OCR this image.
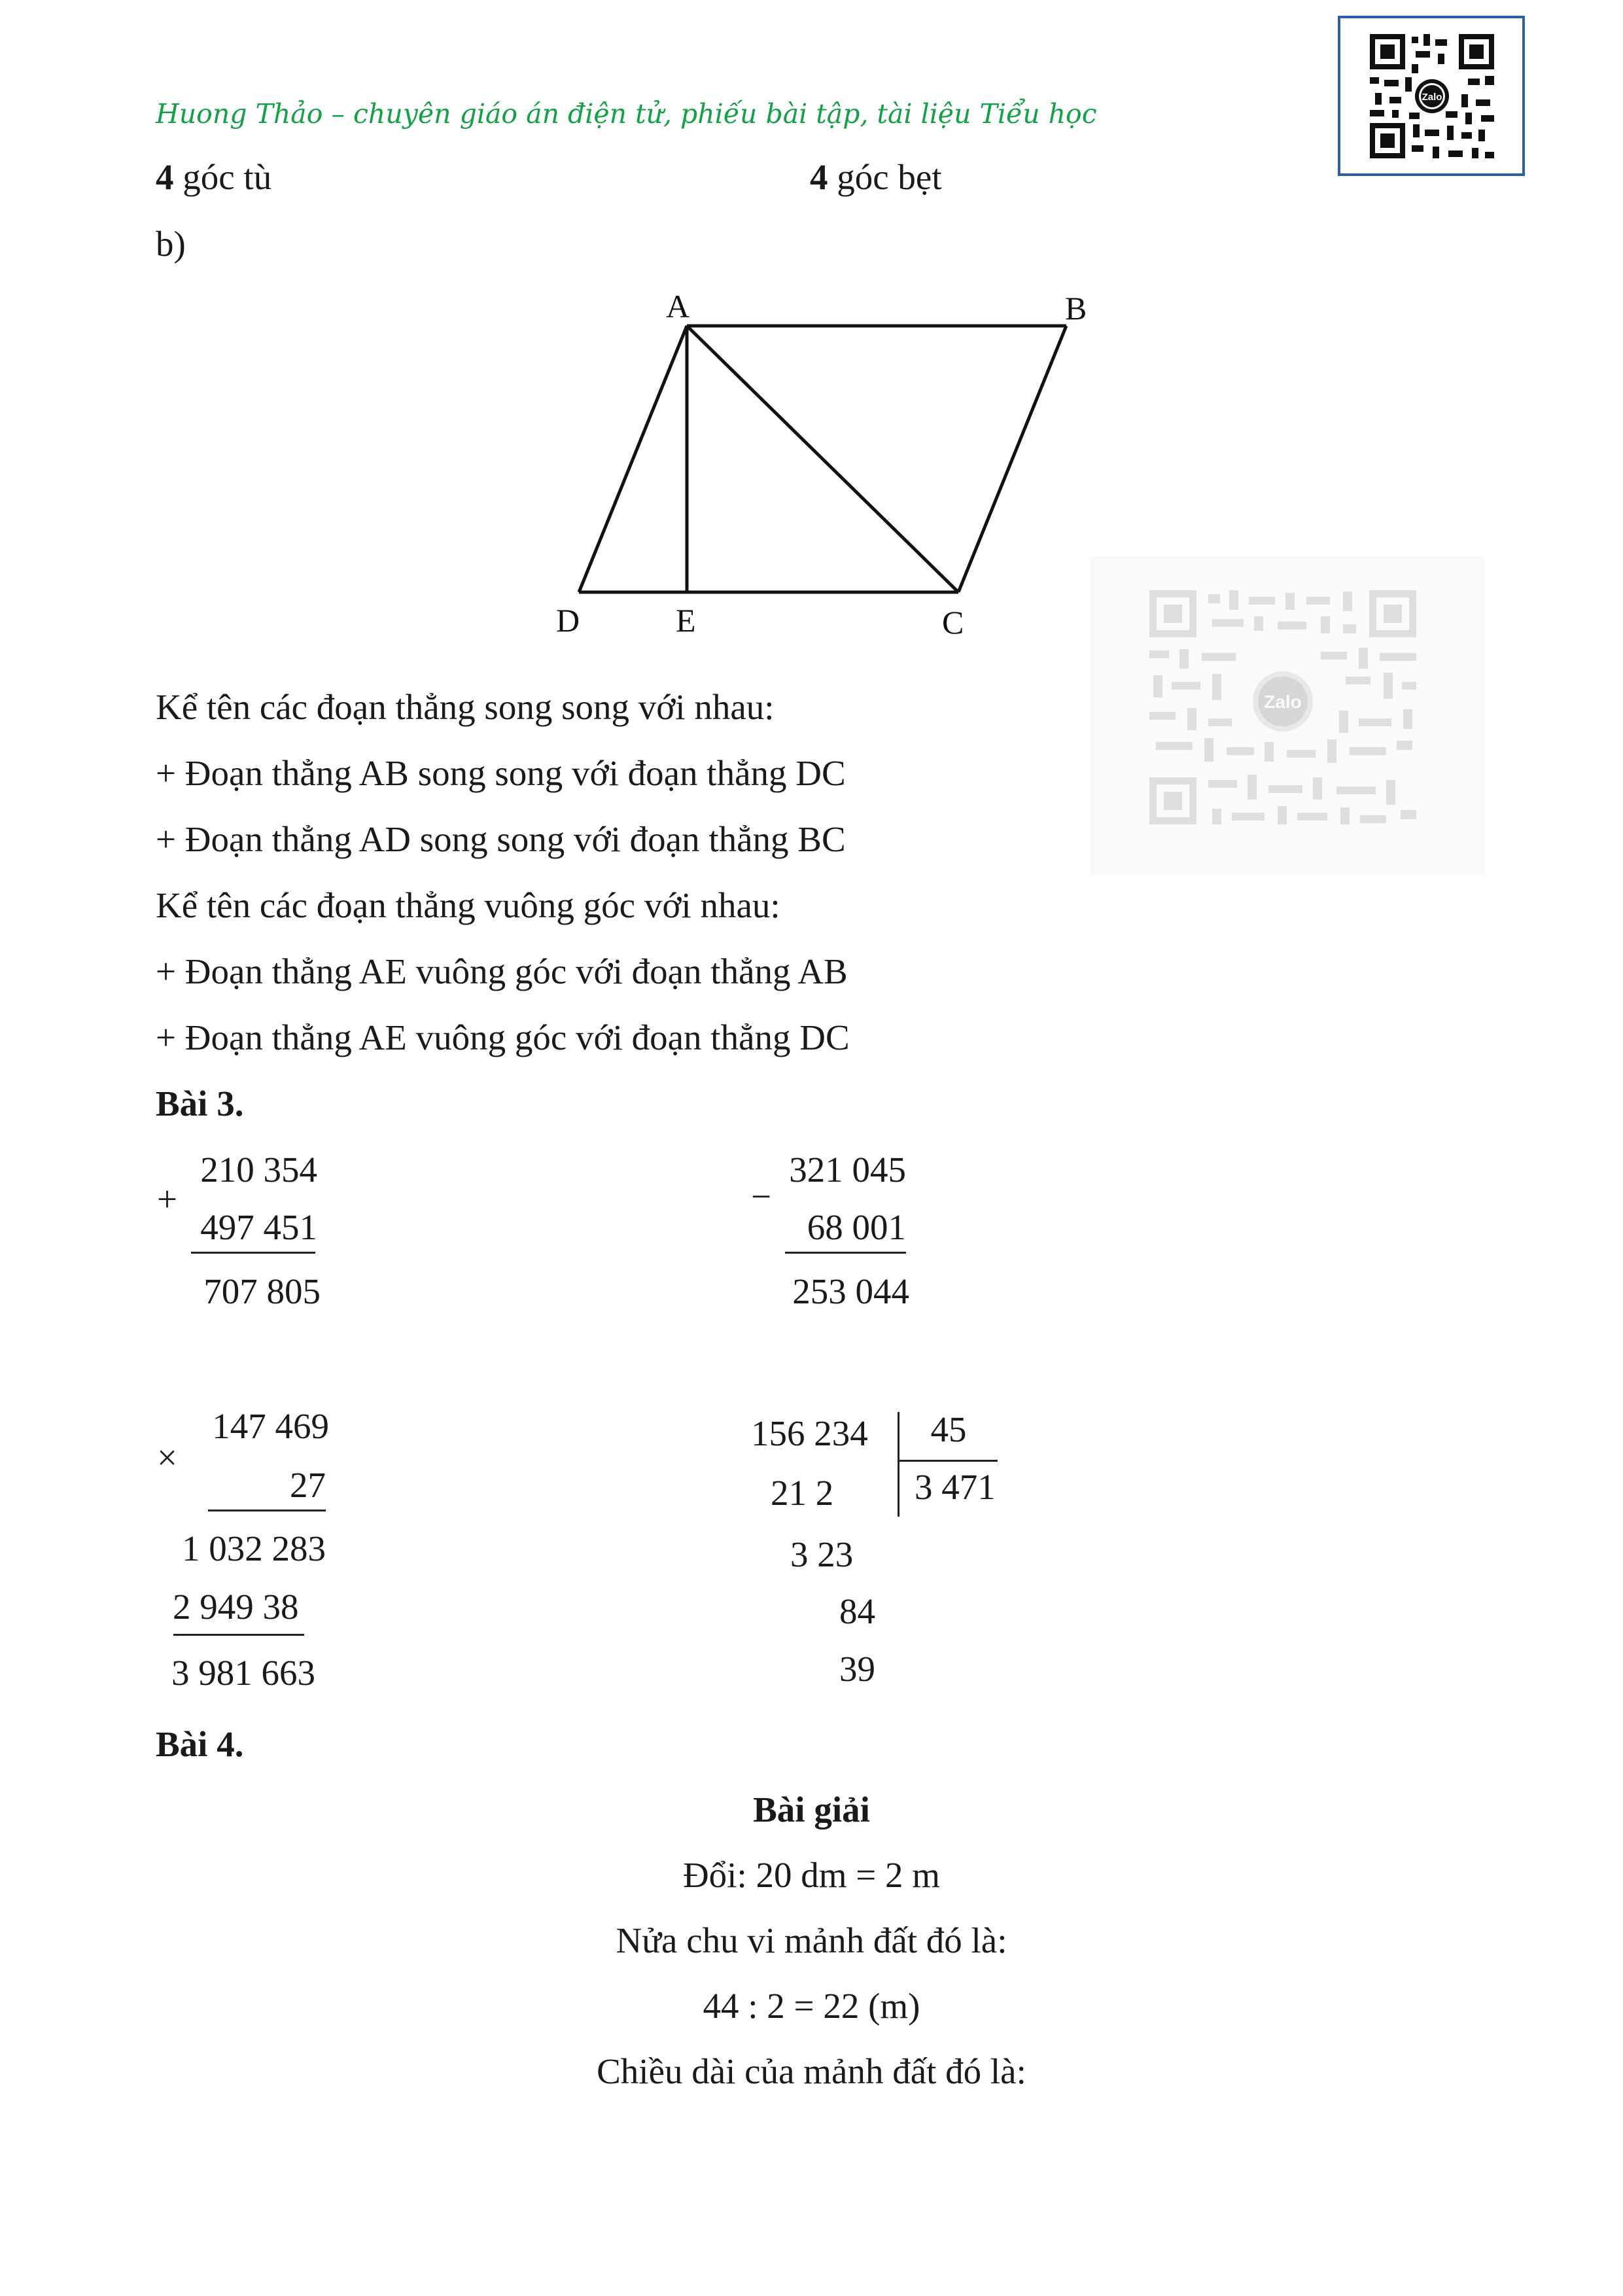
Huong Thảo – chuyên giáo án điện tử, phiếu bài tập, tài liệu Tiểu học
Zalo
Zalo
4 góc tù	4 góc bẹt
b)
A	B
C
D	E
Kể tên các đoạn thẳng song song với nhau:
+ Đoạn thẳng AB song song với đoạn thẳng DC
+ Đoạn thẳng AD song song với đoạn thẳng BC
Kể tên các đoạn thẳng vuông góc với nhau:
+ Đoạn thẳng AE vuông góc với đoạn thẳng AB
+ Đoạn thẳng AE vuông góc với đoạn thẳng DC
Bài 3.
+
210 354
497 451
707 805
−
321 045
68 001
253 044
×
147 469
27
1 032 283
2 949 38
3 981 663
156 234	45
3 471
21 2
3 23
84
39
Bài 4.
Bài giải
Đổi: 20 dm = 2 m
Nửa chu vi mảnh đất đó là:
44 : 2 = 22 (m)
Chiều dài của mảnh đất đó là:
